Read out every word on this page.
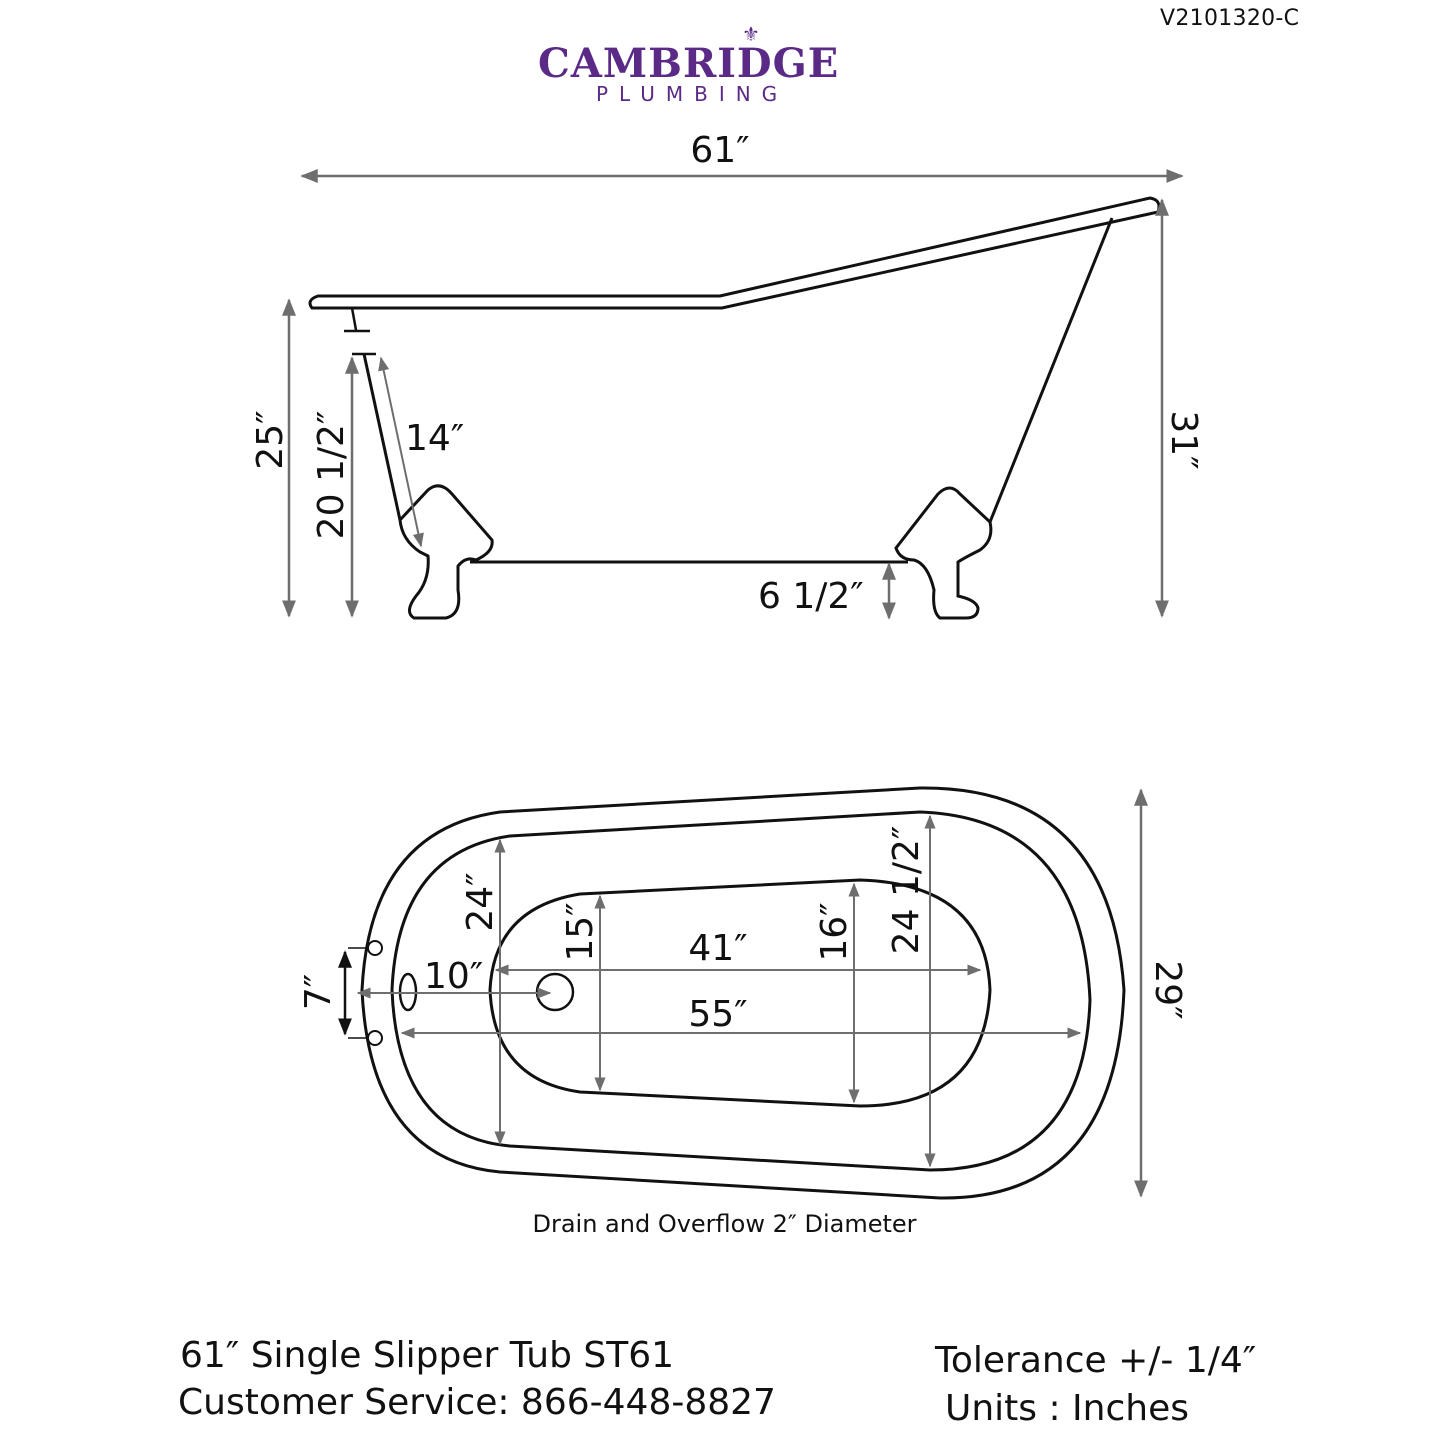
V2101320-C
⚜
CAMBRIDGE
PLUMBING
61″
25″ 20 1/2″ 14″	31″
6 1/2″
29″
7″ 10″
24″
15″ 41″
55″
16″ 24 1/2″
Drain and Overflow 2″ Diameter
61″ Single Slipper Tub ST61
Customer Service: 866-448-8827
Tolerance +/- 1/4″
Units : Inches
